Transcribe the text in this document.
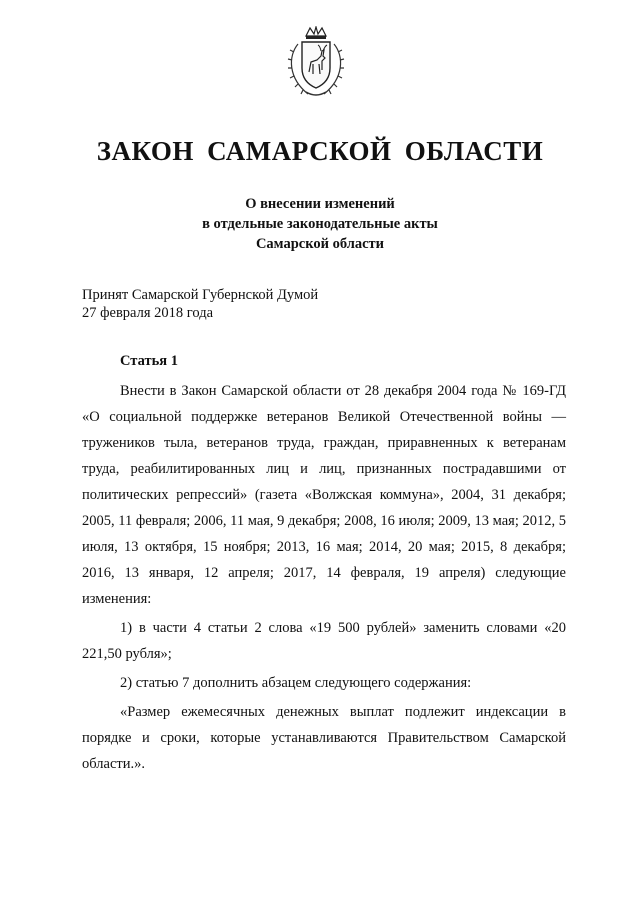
ЗАКОН САМАРСКОЙ ОБЛАСТИ
О внесении изменений
в отдельные законодательные акты
Самарской области
Принят Самарской Губернской Думой
27 февраля 2018 года
Статья 1

Внести в Закон Самарской области от 28 декабря 2004 года № 169-ГД «О социальной поддержке ветеранов Великой Отечественной войны — тружеников тыла, ветеранов труда, граждан, приравненных к ветеранам труда, реабилитированных лиц и лиц, признанных пострадавшими от политических репрессий» (газета «Волжская коммуна», 2004, 31 декабря; 2005, 11 февраля; 2006, 11 мая, 9 декабря; 2008, 16 июля; 2009, 13 мая; 2012, 5 июля, 13 октября, 15 ноября; 2013, 16 мая; 2014, 20 мая; 2015, 8 декабря; 2016, 13 января, 12 апреля; 2017, 14 февраля, 19 апреля) следующие изменения:

1) в части 4 статьи 2 слова «19 500 рублей» заменить словами «20 221,50 рубля»;

2) статью 7 дополнить абзацем следующего содержания:

«Размер ежемесячных денежных выплат подлежит индексации в порядке и сроки, которые устанавливаются Правительством Самарской области.».
